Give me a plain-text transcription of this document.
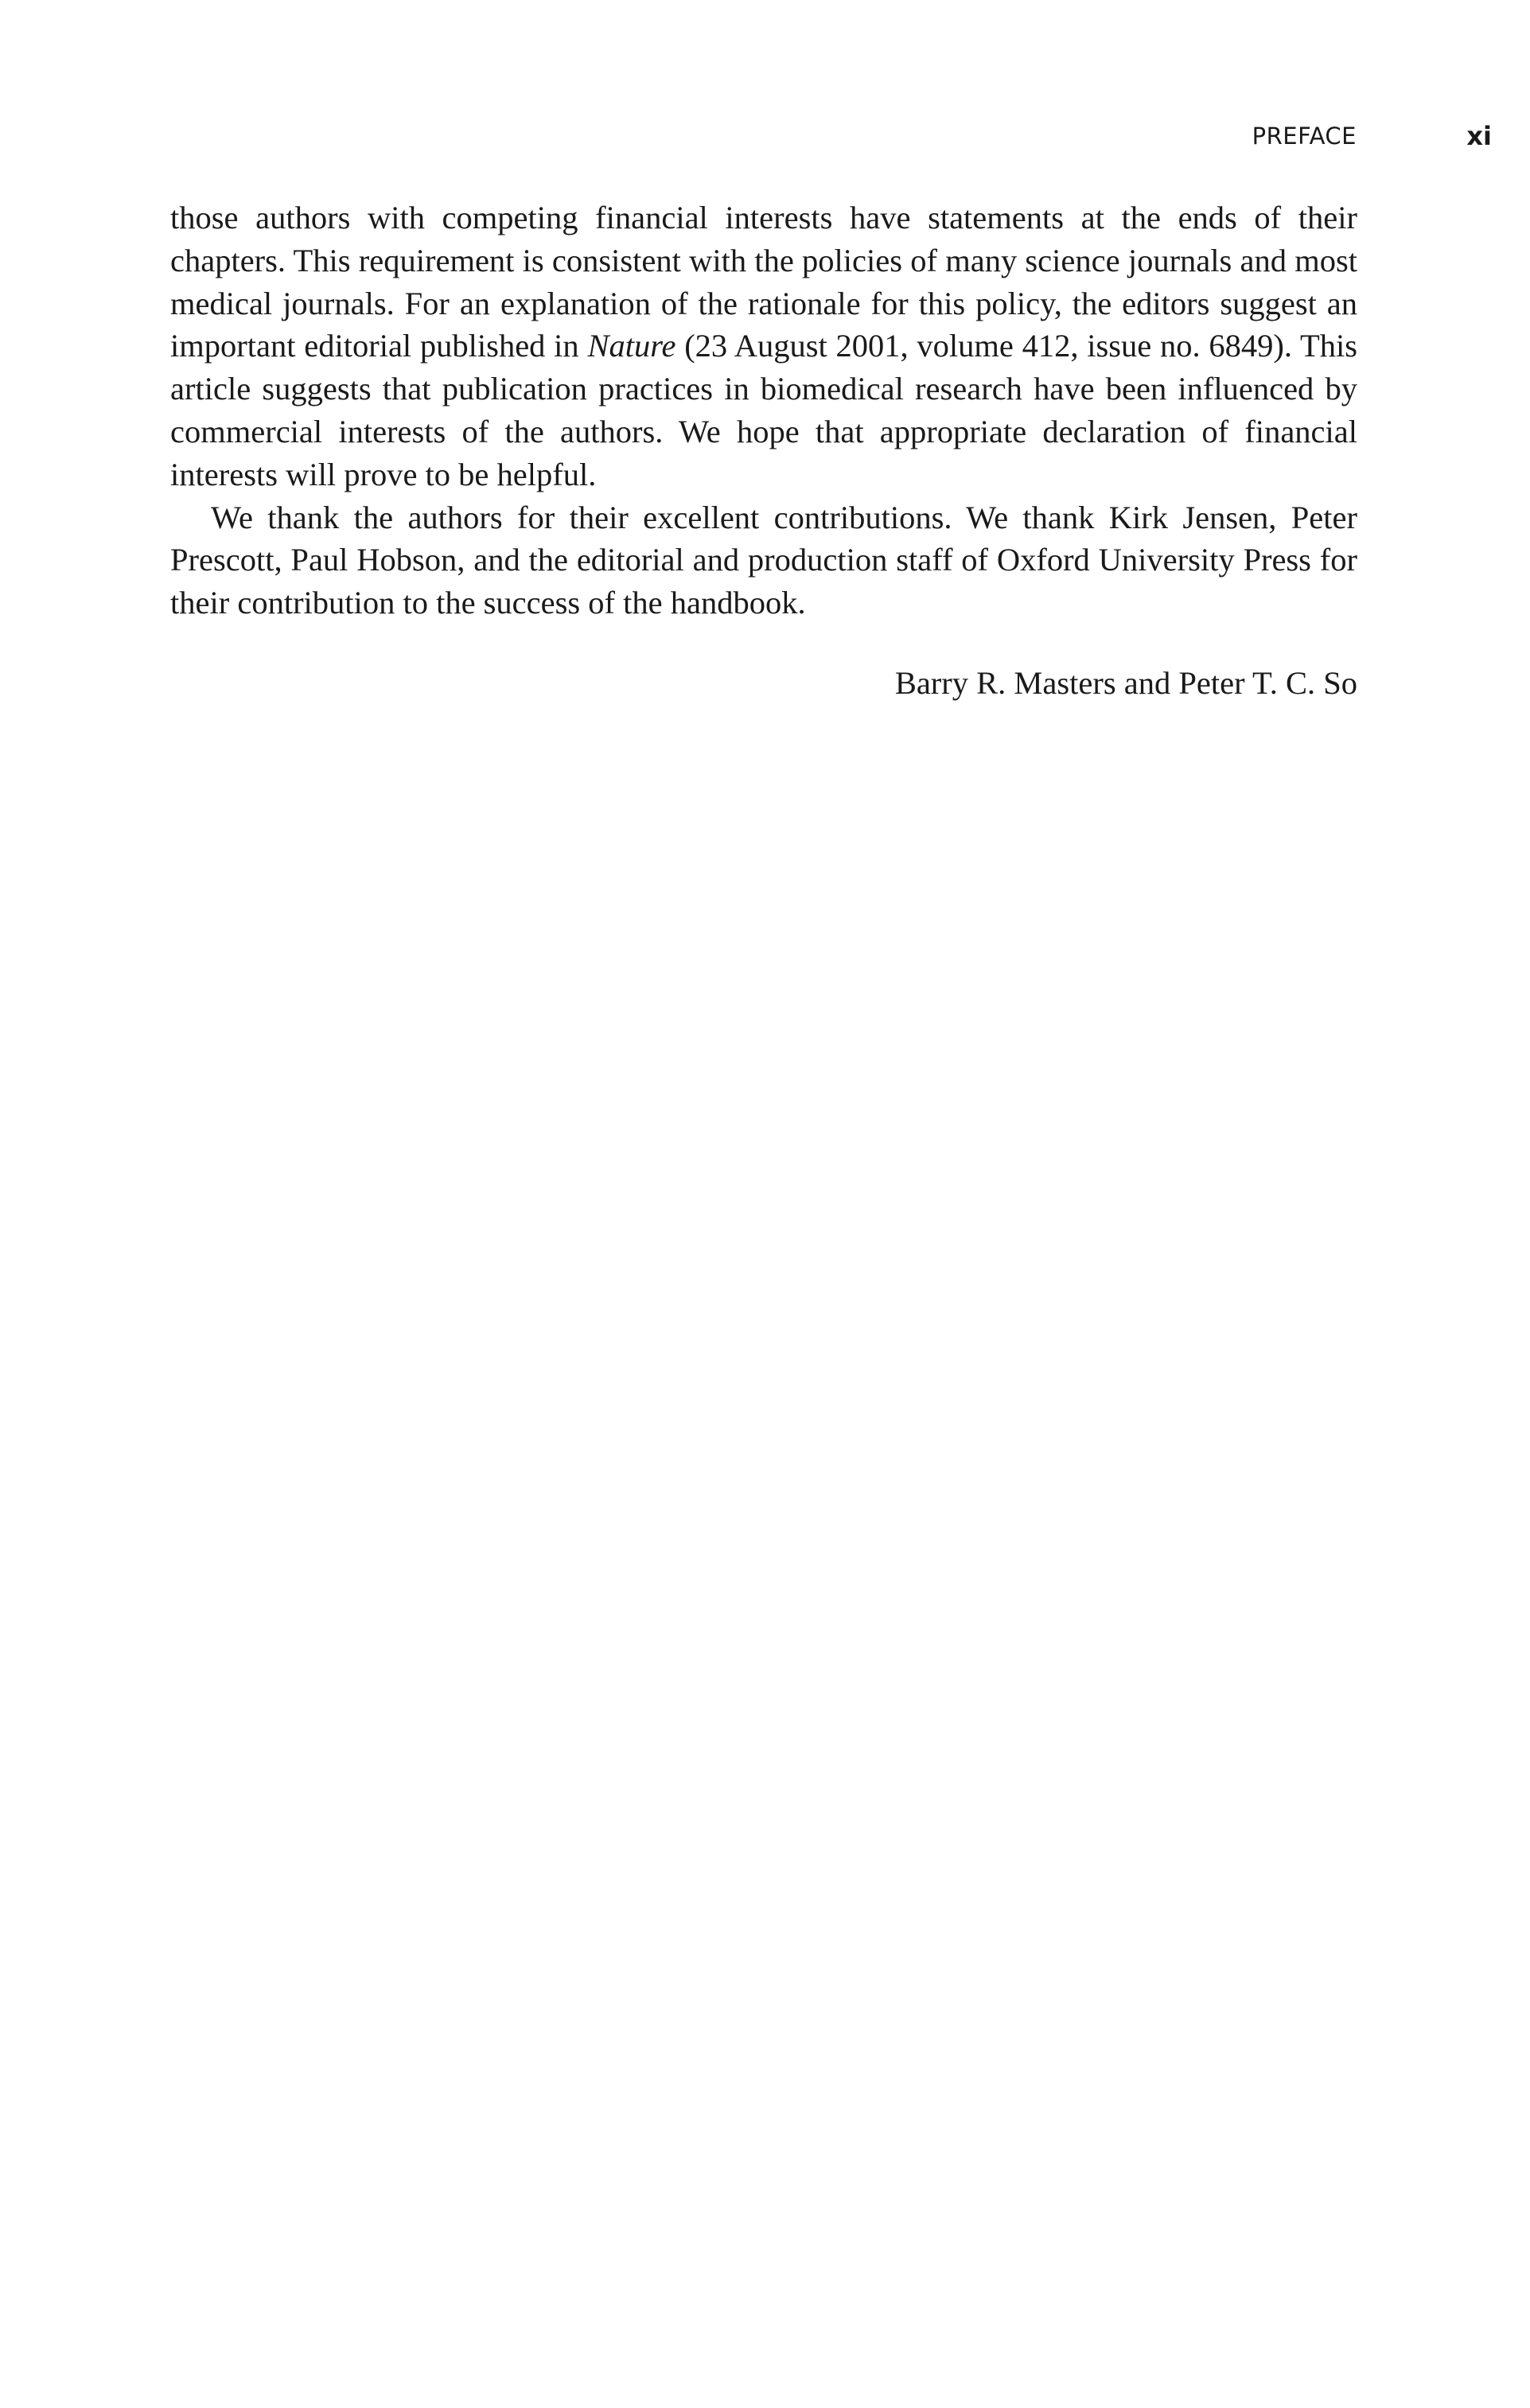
PREFACE	xi

those authors with competing financial interests have statements at the ends of their chapters. This requirement is consistent with the policies of many science journals and most medical journals. For an explanation of the rationale for this policy, the editors suggest an important editorial published in Nature (23 August 2001, volume 412, issue no. 6849). This article suggests that publication practices in biomedical research have been influenced by commercial interests of the authors. We hope that appropriate declaration of financial interests will prove to be helpful.

We thank the authors for their excellent contributions. We thank Kirk Jensen, Peter Prescott, Paul Hobson, and the editorial and production staff of Oxford University Press for their contribution to the success of the handbook.

Barry R. Masters and Peter T. C. So
